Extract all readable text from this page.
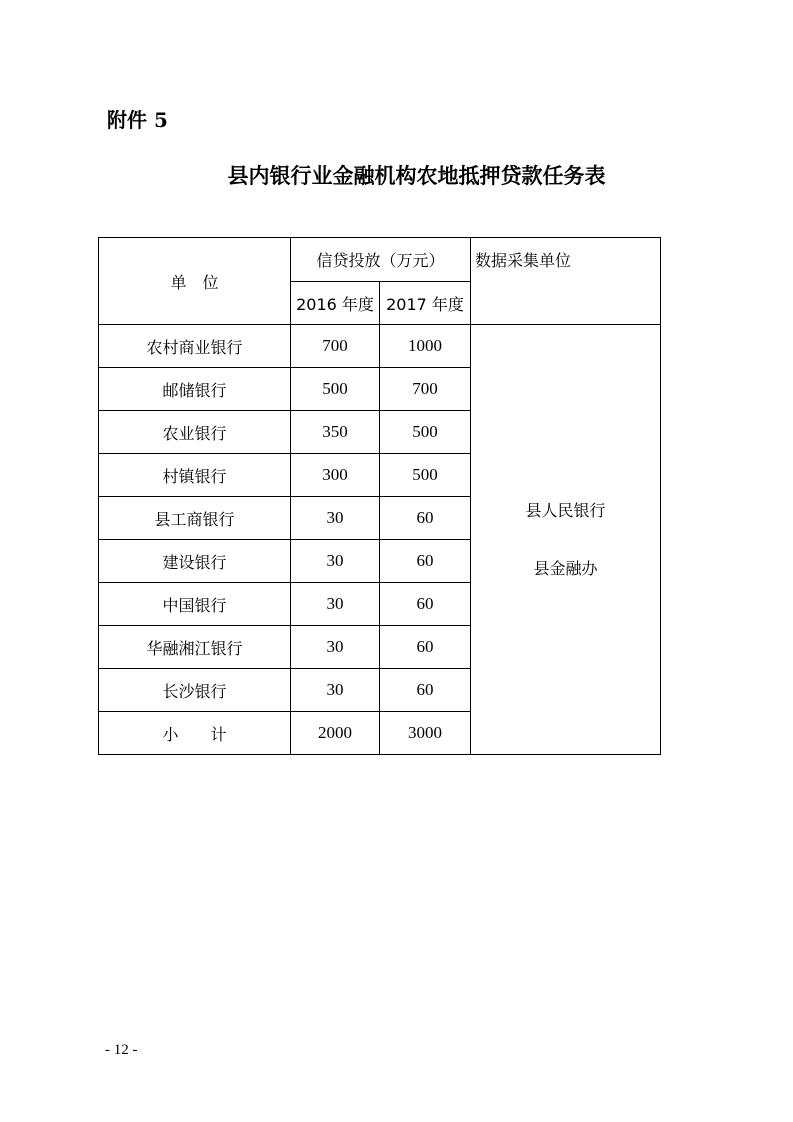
附件 5
县内银行业金融机构农地抵押贷款任务表
单　位	信贷投放（万元）		数据采集单位
	2016 年度	2017 年度	
农村商业银行	700	1000	县人民银行
县金融办

邮储银行	500	700	
农业银行	350	500	
村镇银行	300	500	
县工商银行	30	60	
建设银行	30	60	
中国银行	30	60	
华融湘江银行	30	60	
长沙银行	30	60	
小　　计	2000	3000	
- 12 -
